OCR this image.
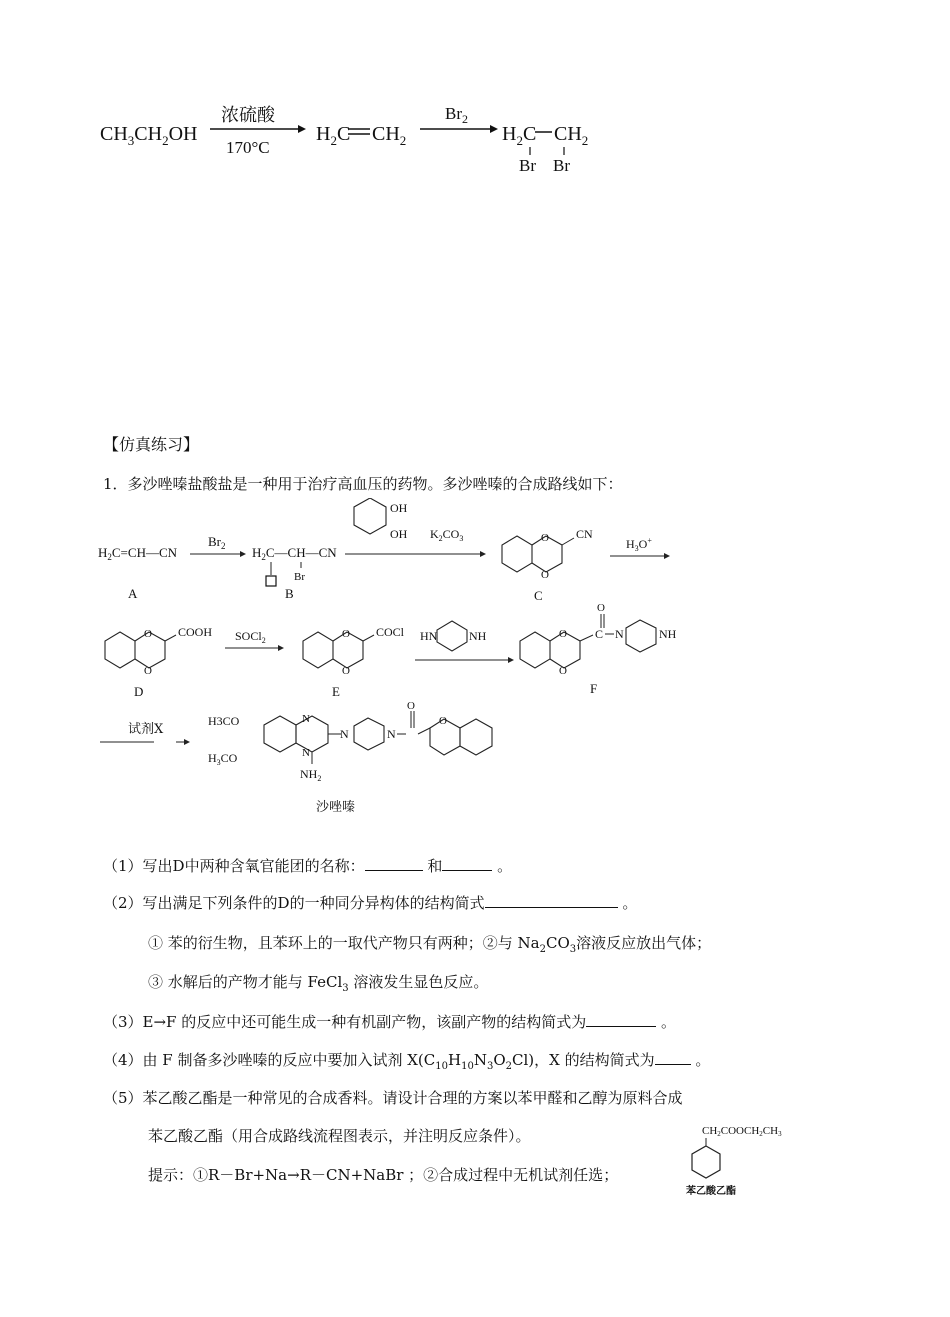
$CH_3CH_2OH$
浓硫酸
170°C
$H_2C$ $CH_2$
$Br_2$
$H_2C$ $CH_2$
Br Br
【仿真练习】
1．多沙唑嗪盐酸盐是一种用于治疗高血压的药物。多沙唑嗪的合成路线如下：
$H_2C=CH—CN$
A
$Br_2$ $H_2C—CH—CN$
Br
B
OH
OH $K_2CO_3$	O
O
CN
C
$H_3O^+$
O
O
COOH
D
SOCl$_2$
O
O
COCl
E
HN	NH	O
O
O
C N	NH
F
试剂X
H3CO
$H_3CO$
N
N
$NH_2$
N	N
O
O
沙唑嗪
（1）写出D中两种含氧官能团的名称：	和	。
（2）写出满足下列条件的D的一种同分异构体的结构简式	。
① 苯的衍生物，且苯环上的一取代产物只有两种；②与 $Na_2CO_3$溶液反应放出气体；
③ 水解后的产物才能与 FeCl$_3$ 溶液发生显色反应。
（3）E→F 的反应中还可能生成一种有机副产物，该副产物的结构简式为	。
（4）由 F 制备多沙唑嗪的反应中要加入试剂 $X(C_{10}H_{10}N_3O_2Cl)$，X 的结构简式为	。
（5）苯乙酸乙酯是一种常见的合成香料。请设计合理的方案以苯甲醛和乙醇为原料合成
苯乙酸乙酯（用合成路线流程图表示，并注明反应条件）。
提示：①R－Br+Na→R－CN+NaBr ；②合成过程中无机试剂任选；
CH2COOCH2CH3
苯乙酸乙酯
